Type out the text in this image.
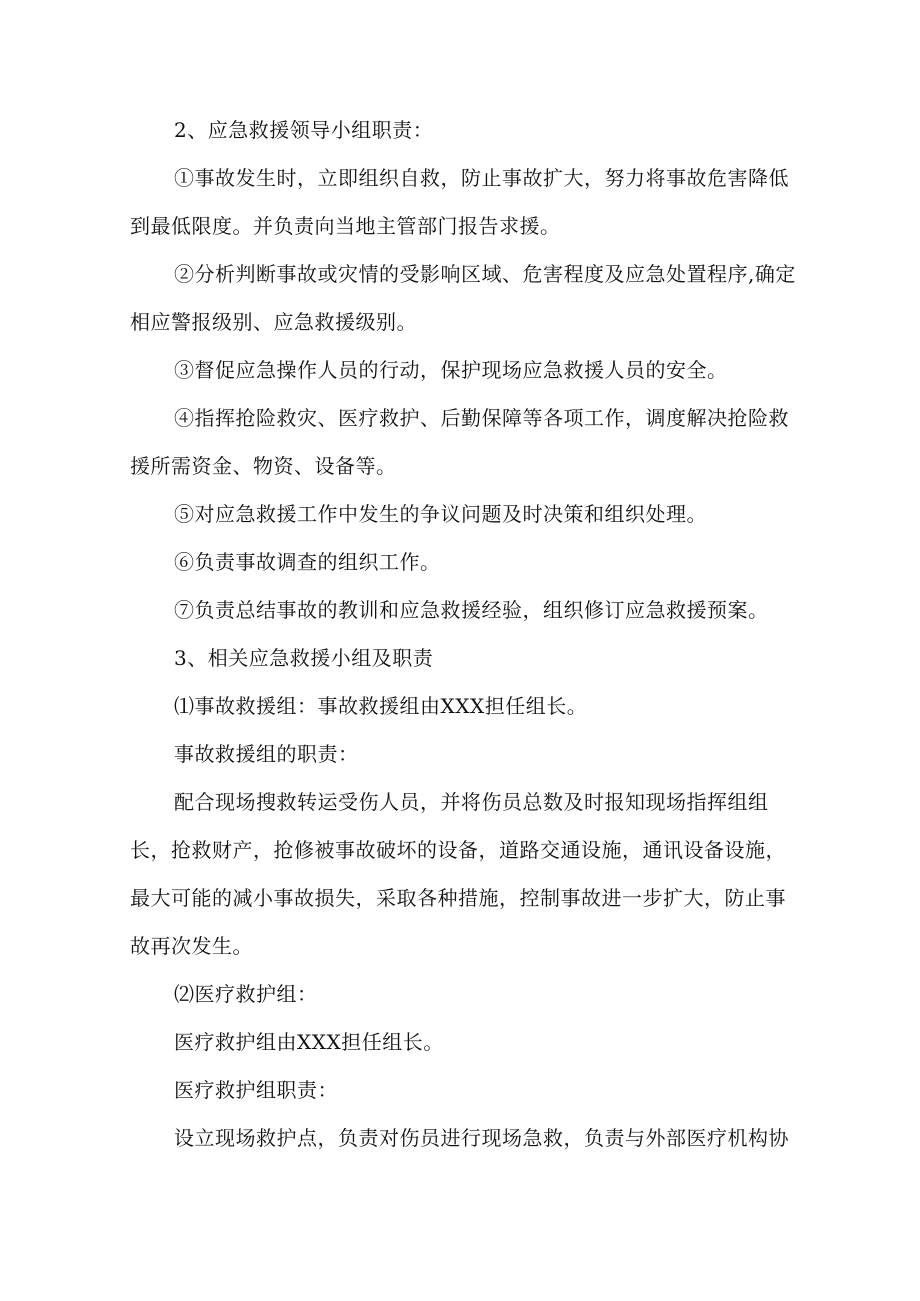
2、应急救援领导小组职责：
①事故发生时，立即组织自救，防止事故扩大，努力将事故危害降低到最低限度。并负责向当地主管部门报告求援。
②分析判断事故或灾情的受影响区域、危害程度及应急处置程序,确定相应警报级别、应急救援级别。
③督促应急操作人员的行动，保护现场应急救援人员的安全。
④指挥抢险救灾、医疗救护、后勤保障等各项工作，调度解决抢险救援所需资金、物资、设备等。
⑤对应急救援工作中发生的争议问题及时决策和组织处理。
⑥负责事故调查的组织工作。
⑦负责总结事故的教训和应急救援经验，组织修订应急救援预案。
3、相关应急救援小组及职责
⑴事故救援组：事故救援组由XXX担任组长。
事故救援组的职责：
配合现场搜救转运受伤人员，并将伤员总数及时报知现场指挥组组长，抢救财产，抢修被事故破坏的设备，道路交通设施，通讯设备设施，最大可能的减小事故损失，采取各种措施，控制事故进一步扩大，防止事故再次发生。
⑵医疗救护组：
医疗救护组由XXX担任组长。
医疗救护组职责：
设立现场救护点，负责对伤员进行现场急救，负责与外部医疗机构协
